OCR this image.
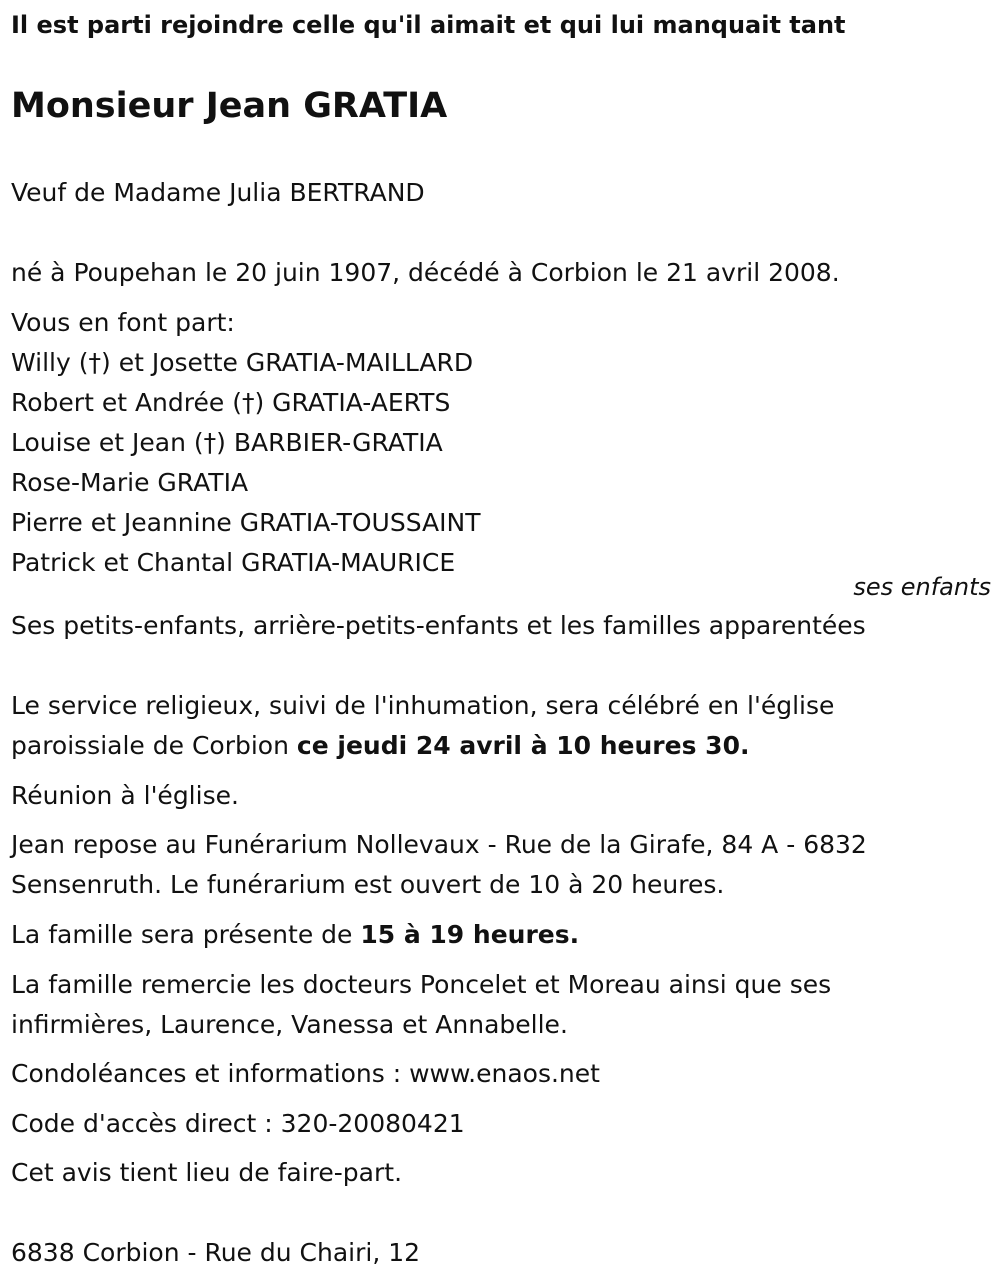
Il est parti rejoindre celle qu'il aimait et qui lui manquait tant
Monsieur Jean GRATIA
Veuf de Madame Julia BERTRAND
né à Poupehan le 20 juin 1907, décédé à Corbion le 21 avril 2008.
Vous en font part:
Willy (†) et Josette GRATIA-MAILLARD
Robert et Andrée (†) GRATIA-AERTS
Louise et Jean (†) BARBIER-GRATIA
Rose-Marie GRATIA
Pierre et Jeannine GRATIA-TOUSSAINT
Patrick et Chantal GRATIA-MAURICE
ses enfants
Ses petits-enfants, arrière-petits-enfants et les familles apparentées
Le service religieux, suivi de l'inhumation, sera célébré en l'église
paroissiale de Corbion ce jeudi 24 avril à 10 heures 30.
Réunion à l'église.
Jean repose au Funérarium Nollevaux - Rue de la Girafe, 84 A - 6832
Sensenruth. Le funérarium est ouvert de 10 à 20 heures.
La famille sera présente de 15 à 19 heures.
La famille remercie les docteurs Poncelet et Moreau ainsi que ses
infirmières, Laurence, Vanessa et Annabelle.
Condoléances et informations : www.enaos.net
Code d'accès direct : 320-20080421
Cet avis tient lieu de faire-part.
6838 Corbion - Rue du Chairi, 12
